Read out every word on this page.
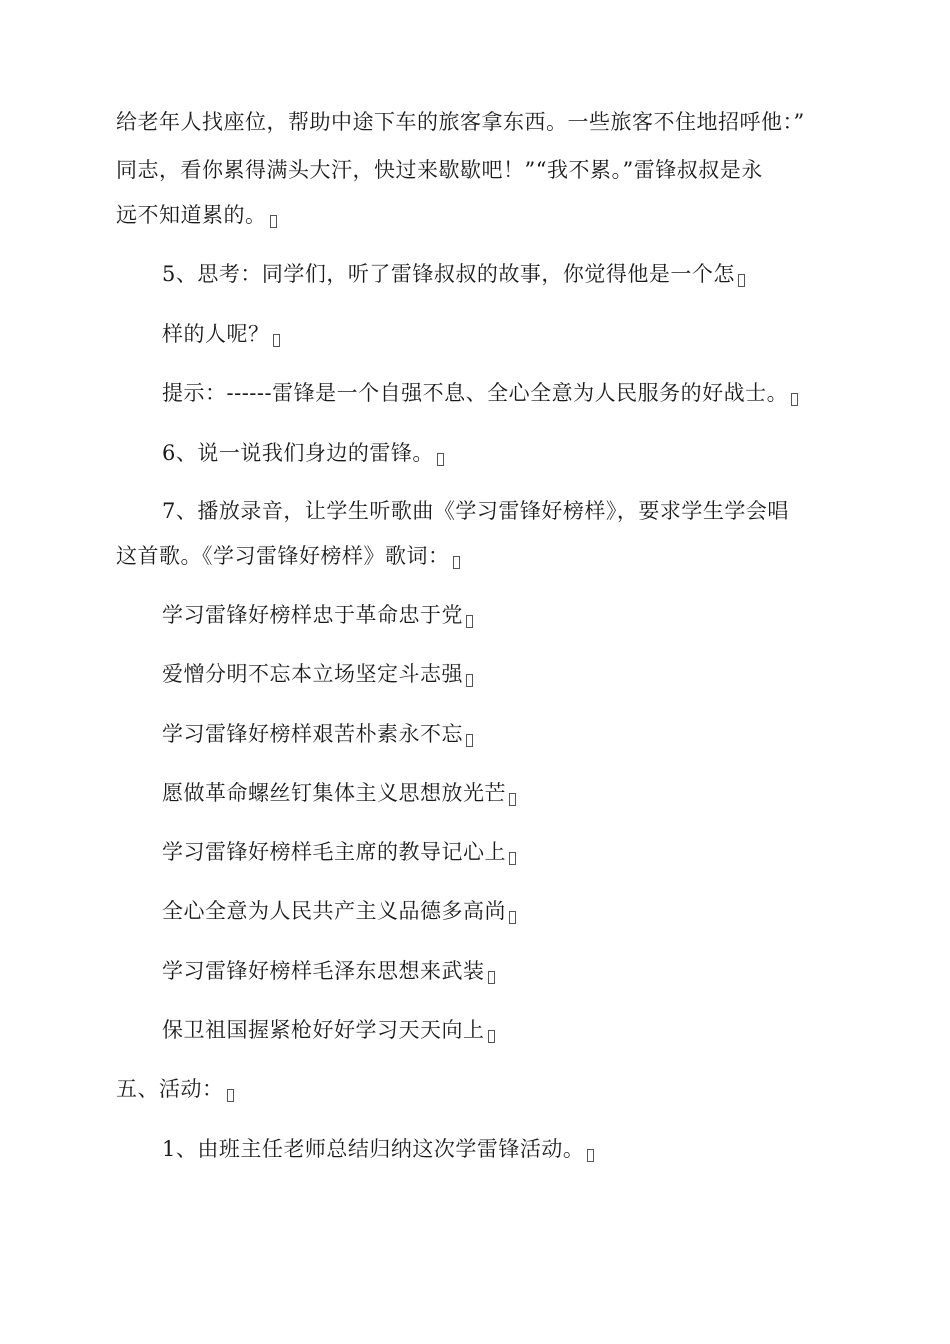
给老年人找座位，帮助中途下车的旅客拿东西。一些旅客不住地招呼他：”
同志，看你累得满头大汗，快过来歇歇吧！”“我不累。”雷锋叔叔是永
远不知道累的。
5、思考：同学们，听了雷锋叔叔的故事，你觉得他是一个怎
样的人呢？
提示：------雷锋是一个自强不息、全心全意为人民服务的好战士。
6、说一说我们身边的雷锋。
7、播放录音，让学生听歌曲《学习雷锋好榜样》，要求学生学会唱
这首歌。《学习雷锋好榜样》歌词：
学习雷锋好榜样忠于革命忠于党
爱憎分明不忘本立场坚定斗志强
学习雷锋好榜样艰苦朴素永不忘
愿做革命螺丝钉集体主义思想放光芒
学习雷锋好榜样毛主席的教导记心上
全心全意为人民共产主义品德多高尚
学习雷锋好榜样毛泽东思想来武装
保卫祖国握紧枪好好学习天天向上
五、活动：
1、由班主任老师总结归纳这次学雷锋活动。
